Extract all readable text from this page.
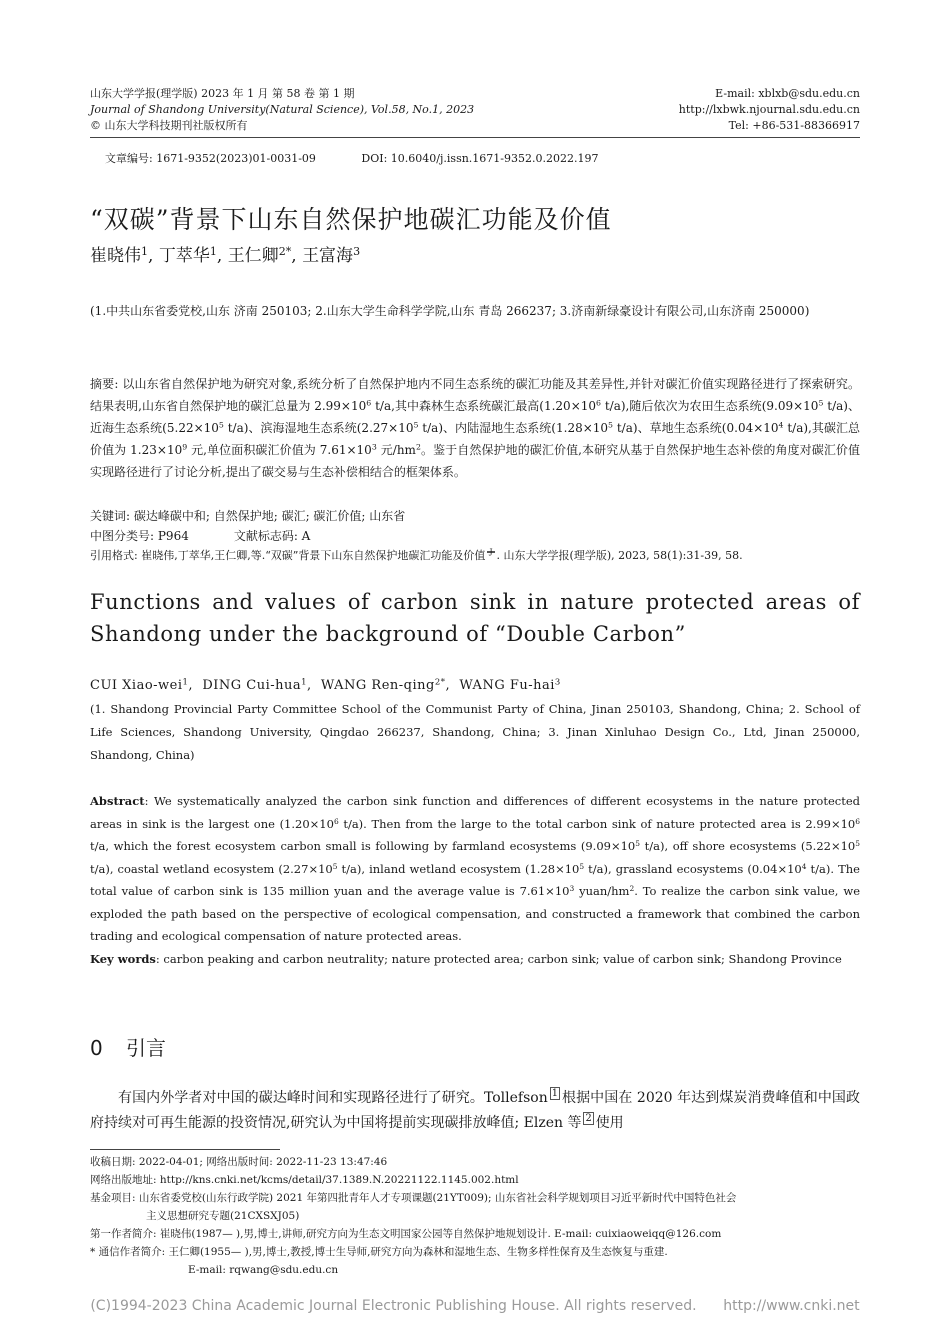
山东大学学报(理学版) 2023 年 1 月 第 58 卷 第 1 期
Journal of Shandong University(Natural Science), Vol.58, No.1, 2023
© 山东大学科技期刊社版权所有
E-mail: xblxb@sdu.edu.cn
http://lxbwk.njournal.sdu.edu.cn
Tel: +86-531-88366917
文章编号: 1671-9352(2023)01-0031-09	DOI: 10.6040/j.issn.1671-9352.0.2022.197
“双碳”背景下山东自然保护地碳汇功能及价值
崔晓伟$^1$, 丁萃华$^1$, 王仁卿$^{2*}$, 王富海$^3$
(1.中共山东省委党校,山东 济南 250103; 2.山东大学生命科学学院,山东 青岛 266237; 3.济南新绿豪设计有限公司,山东济南 250000)
摘要: 以山东省自然保护地为研究对象,系统分析了自然保护地内不同生态系统的碳汇功能及其差异性,并针对碳汇价值实现路径进行了探索研究。结果表明,山东省自然保护地的碳汇总量为 $2.99\times 10^6$ t/a,其中森林生态系统碳汇最高($1.20\times 10^6$ t/a),随后依次为农田生态系统($9.09\times 10^5$ t/a)、近海生态系统($5.22\times 10^5$ t/a)、滨海湿地生态系统($2.27\times 10^5$ t/a)、内陆湿地生态系统($1.28\times 10^5$ t/a)、草地生态系统($0.04\times 10^4$ t/a),其碳汇总价值为 $1.23\times 10^9$ 元,单位面积碳汇价值为 $7.61\times 10^3$ 元$/hm^2$。鉴于自然保护地的碳汇价值,本研究从基于自然保护地生态补偿的角度对碳汇价值实现路径进行了讨论分析,提出了碳交易与生态补偿相结合的框架体系。
关键词: 碳达峰碳中和; 自然保护地; 碳汇; 碳汇价值; 山东省
中图分类号: P964	文献标志码: A
引用格式: 崔晓伟,丁萃华,王仁卿,等.“双碳”背景下山东自然保护地碳汇功能及价值 J . 山东大学学报(理学版), 2023, 58(1):31-39, 58.
Functions and values of carbon sink in nature protected areas of Shandong under the background of “Double Carbon”
CUI Xiao-wei$^1$,  DING Cui-hua$^1$,  WANG Ren-qing$^{2*}$,  WANG Fu-hai$^3$
(1. Shandong Provincial Party Committee School of the Communist Party of China, Jinan 250103, Shandong, China; 2. School of Life Sciences, Shandong University, Qingdao 266237, Shandong, China; 3. Jinan Xinluhao Design Co., Ltd, Jinan 250000, Shandong, China)
Abstract: We systematically analyzed the carbon sink function and differences of different ecosystems in the nature protected areas in sink is the largest one ($1.20\times 10^6$ t/a). Then from the large to the total carbon sink of nature protected area is $2.99\times 10^6$ t/a, which the forest ecosystem carbon small is following by farmland ecosystems ($9.09\times 10^5$ t/a), off shore ecosystems ($5.22\times 10^5$ t/a), coastal wetland ecosystem ($2.27\times 10^5$ t/a), inland wetland ecosystem ($1.28\times 10^5$ t/a), grassland ecosystems ($0.04\times 10^4$ t/a). The total value of carbon sink is 135 million yuan and the average value is $7.61\times 10^3$ yuan/$hm^2$. To realize the carbon sink value, we exploded the path based on the perspective of ecological compensation, and constructed a framework that combined the carbon trading and ecological compensation of nature protected areas.
Key words: carbon peaking and carbon neutrality; nature protected area; carbon sink; value of carbon sink; Shandong Province
0 引言
有国内外学者对中国的碳达峰时间和实现路径进行了研究。Tollefson $^1$ 根据中国在 2020 年达到煤炭消费峰值和中国政府持续对可再生能源的投资情况,研究认为中国将提前实现碳排放峰值; Elzen 等 $^2$ 使用
收稿日期: 2022-04-01; 网络出版时间: 2022-11-23 13:47:46
网络出版地址: http://kns.cnki.net/kcms/detail/37.1389.N.20221122.1145.002.html
基金项目: 山东省委党校(山东行政学院) 2021 年第四批青年人才专项课题(21YT009); 山东省社会科学规划项目习近平新时代中国特色社会
主义思想研究专题(21CXSXJ05)
第一作者简介: 崔晓伟(1987— ),男,博士,讲师,研究方向为生态文明国家公园等自然保护地规划设计. E-mail: cuixiaoweiqq@126.com
* 通信作者简介: 王仁卿(1955— ),男,博士,教授,博士生导师,研究方向为森林和湿地生态、生物多样性保育及生态恢复与重建.
E-mail: rqwang@sdu.edu.cn
(C)1994-2023 China Academic Journal Electronic Publishing House. All rights reserved. http://www.cnki.net
